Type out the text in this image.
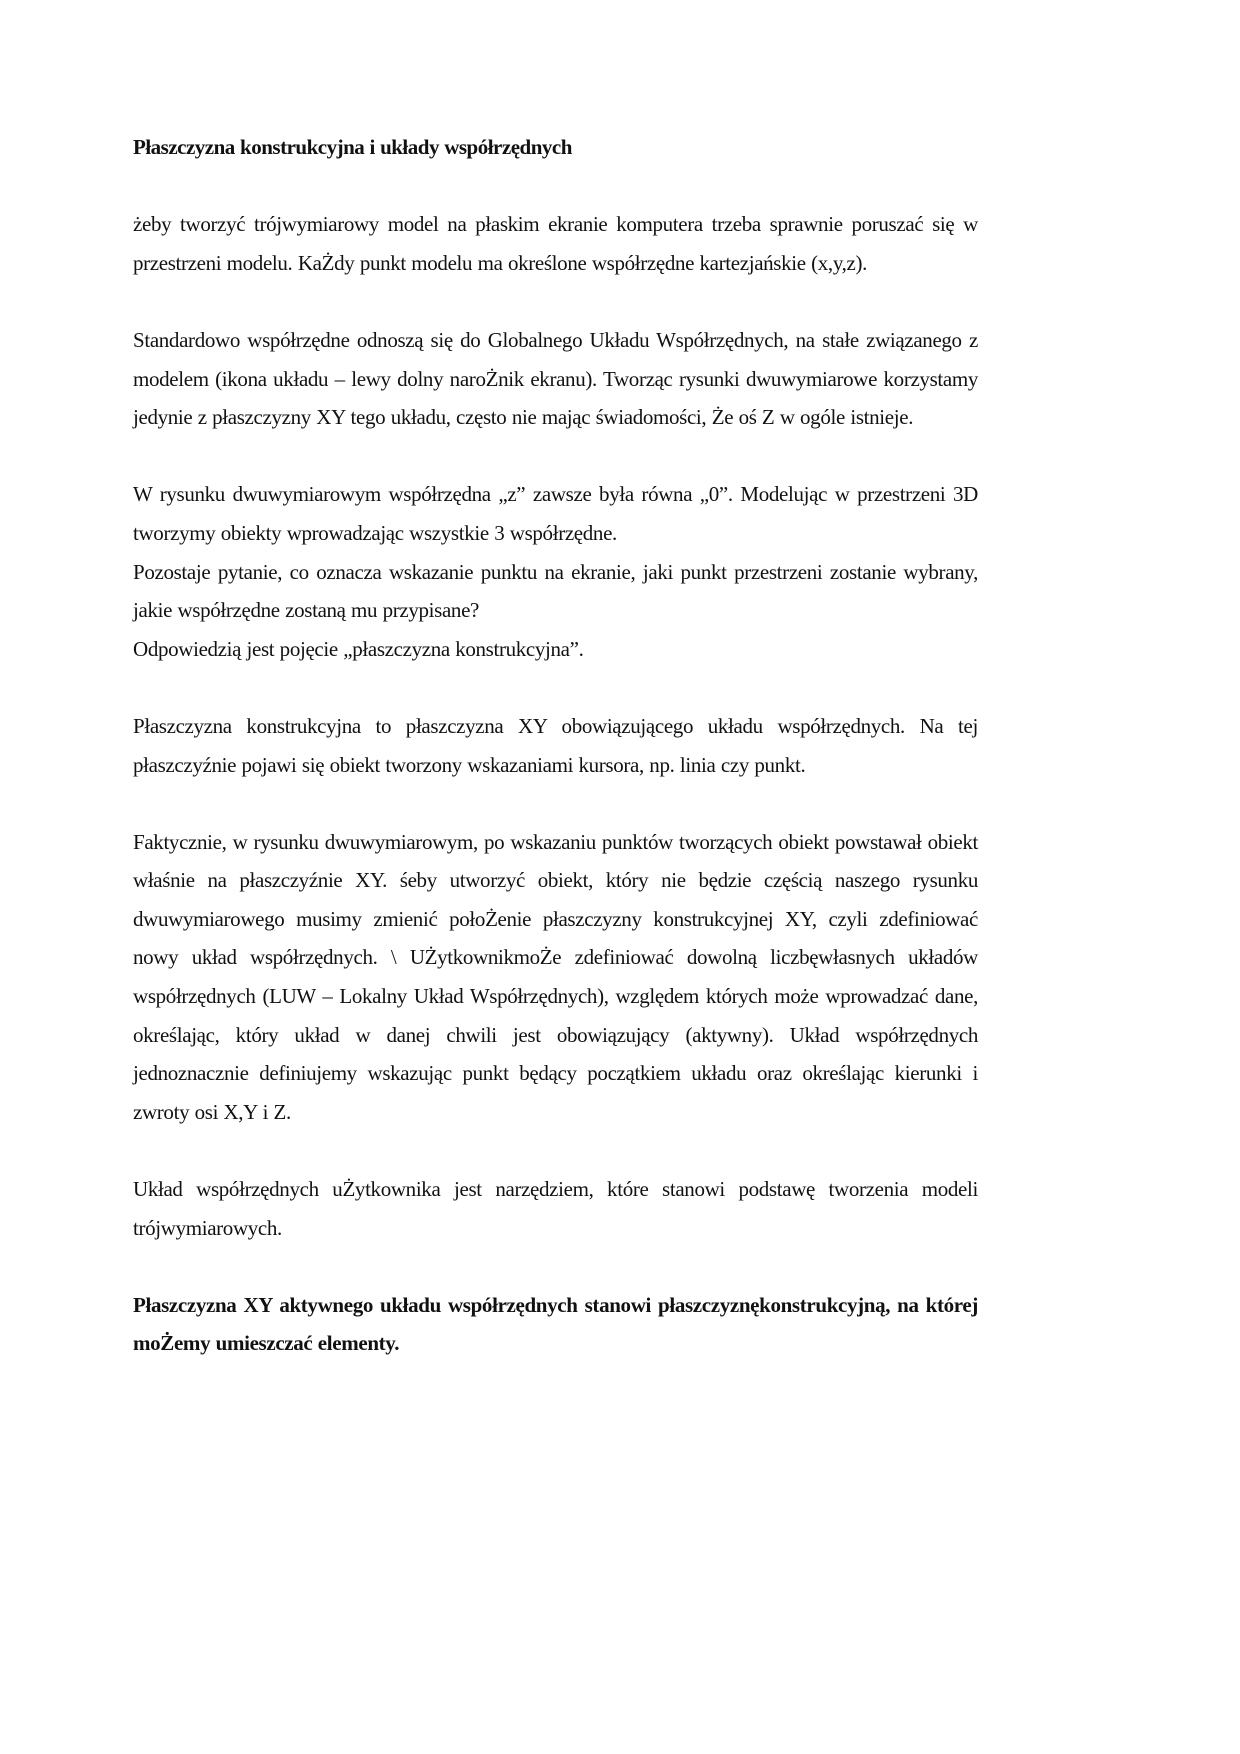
Płaszczyzna konstrukcyjna i układy współrzędnych

żeby tworzyć trójwymiarowy model na płaskim ekranie komputera trzeba sprawnie poruszać się w przestrzeni modelu. KaŻdy punkt modelu ma określone współrzędne kartezjańskie (x,y,z).

Standardowo współrzędne odnoszą się do Globalnego Układu Współrzędnych, na stałe związanego z modelem (ikona układu – lewy dolny naroŻnik ekranu). Tworząc rysunki dwuwymiarowe korzystamy jedynie z płaszczyzny XY tego układu, często nie mając świadomości, Że oś Z w ogóle istnieje.

W rysunku dwuwymiarowym współrzędna „z” zawsze była równa „0”. Modelując w przestrzeni 3D tworzymy obiekty wprowadzając wszystkie 3 współrzędne.

Pozostaje pytanie, co oznacza wskazanie punktu na ekranie, jaki punkt przestrzeni zostanie wybrany, jakie współrzędne zostaną mu przypisane?

Odpowiedzią jest pojęcie „płaszczyzna konstrukcyjna”.

Płaszczyzna konstrukcyjna to płaszczyzna XY obowiązującego układu współrzędnych. Na tej płaszczyźnie pojawi się obiekt tworzony wskazaniami kursora, np. linia czy punkt.

Faktycznie, w rysunku dwuwymiarowym, po wskazaniu punktów tworzących obiekt powstawał obiekt właśnie na płaszczyźnie XY. śeby utworzyć obiekt, który nie będzie częścią naszego rysunku dwuwymiarowego musimy zmienić połoŻenie płaszczyzny konstrukcyjnej XY, czyli zdefiniować nowy układ współrzędnych. \ UŻytkownikmoŻe zdefiniować dowolną liczbęwłasnych układów współrzędnych (LUW – Lokalny Układ Współrzędnych), względem których może wprowadzać dane, określając, który układ w danej chwili jest obowiązujący (aktywny). Układ współrzędnych jednoznacznie definiujemy wskazując punkt będący początkiem układu oraz określając kierunki i zwroty osi X,Y i Z.

Układ współrzędnych uŻytkownika jest narzędziem, które stanowi podstawę tworzenia modeli trójwymiarowych.

Płaszczyzna XY aktywnego układu współrzędnych stanowi płaszczyznękonstrukcyjną, na której moŻemy umieszczać elementy.
